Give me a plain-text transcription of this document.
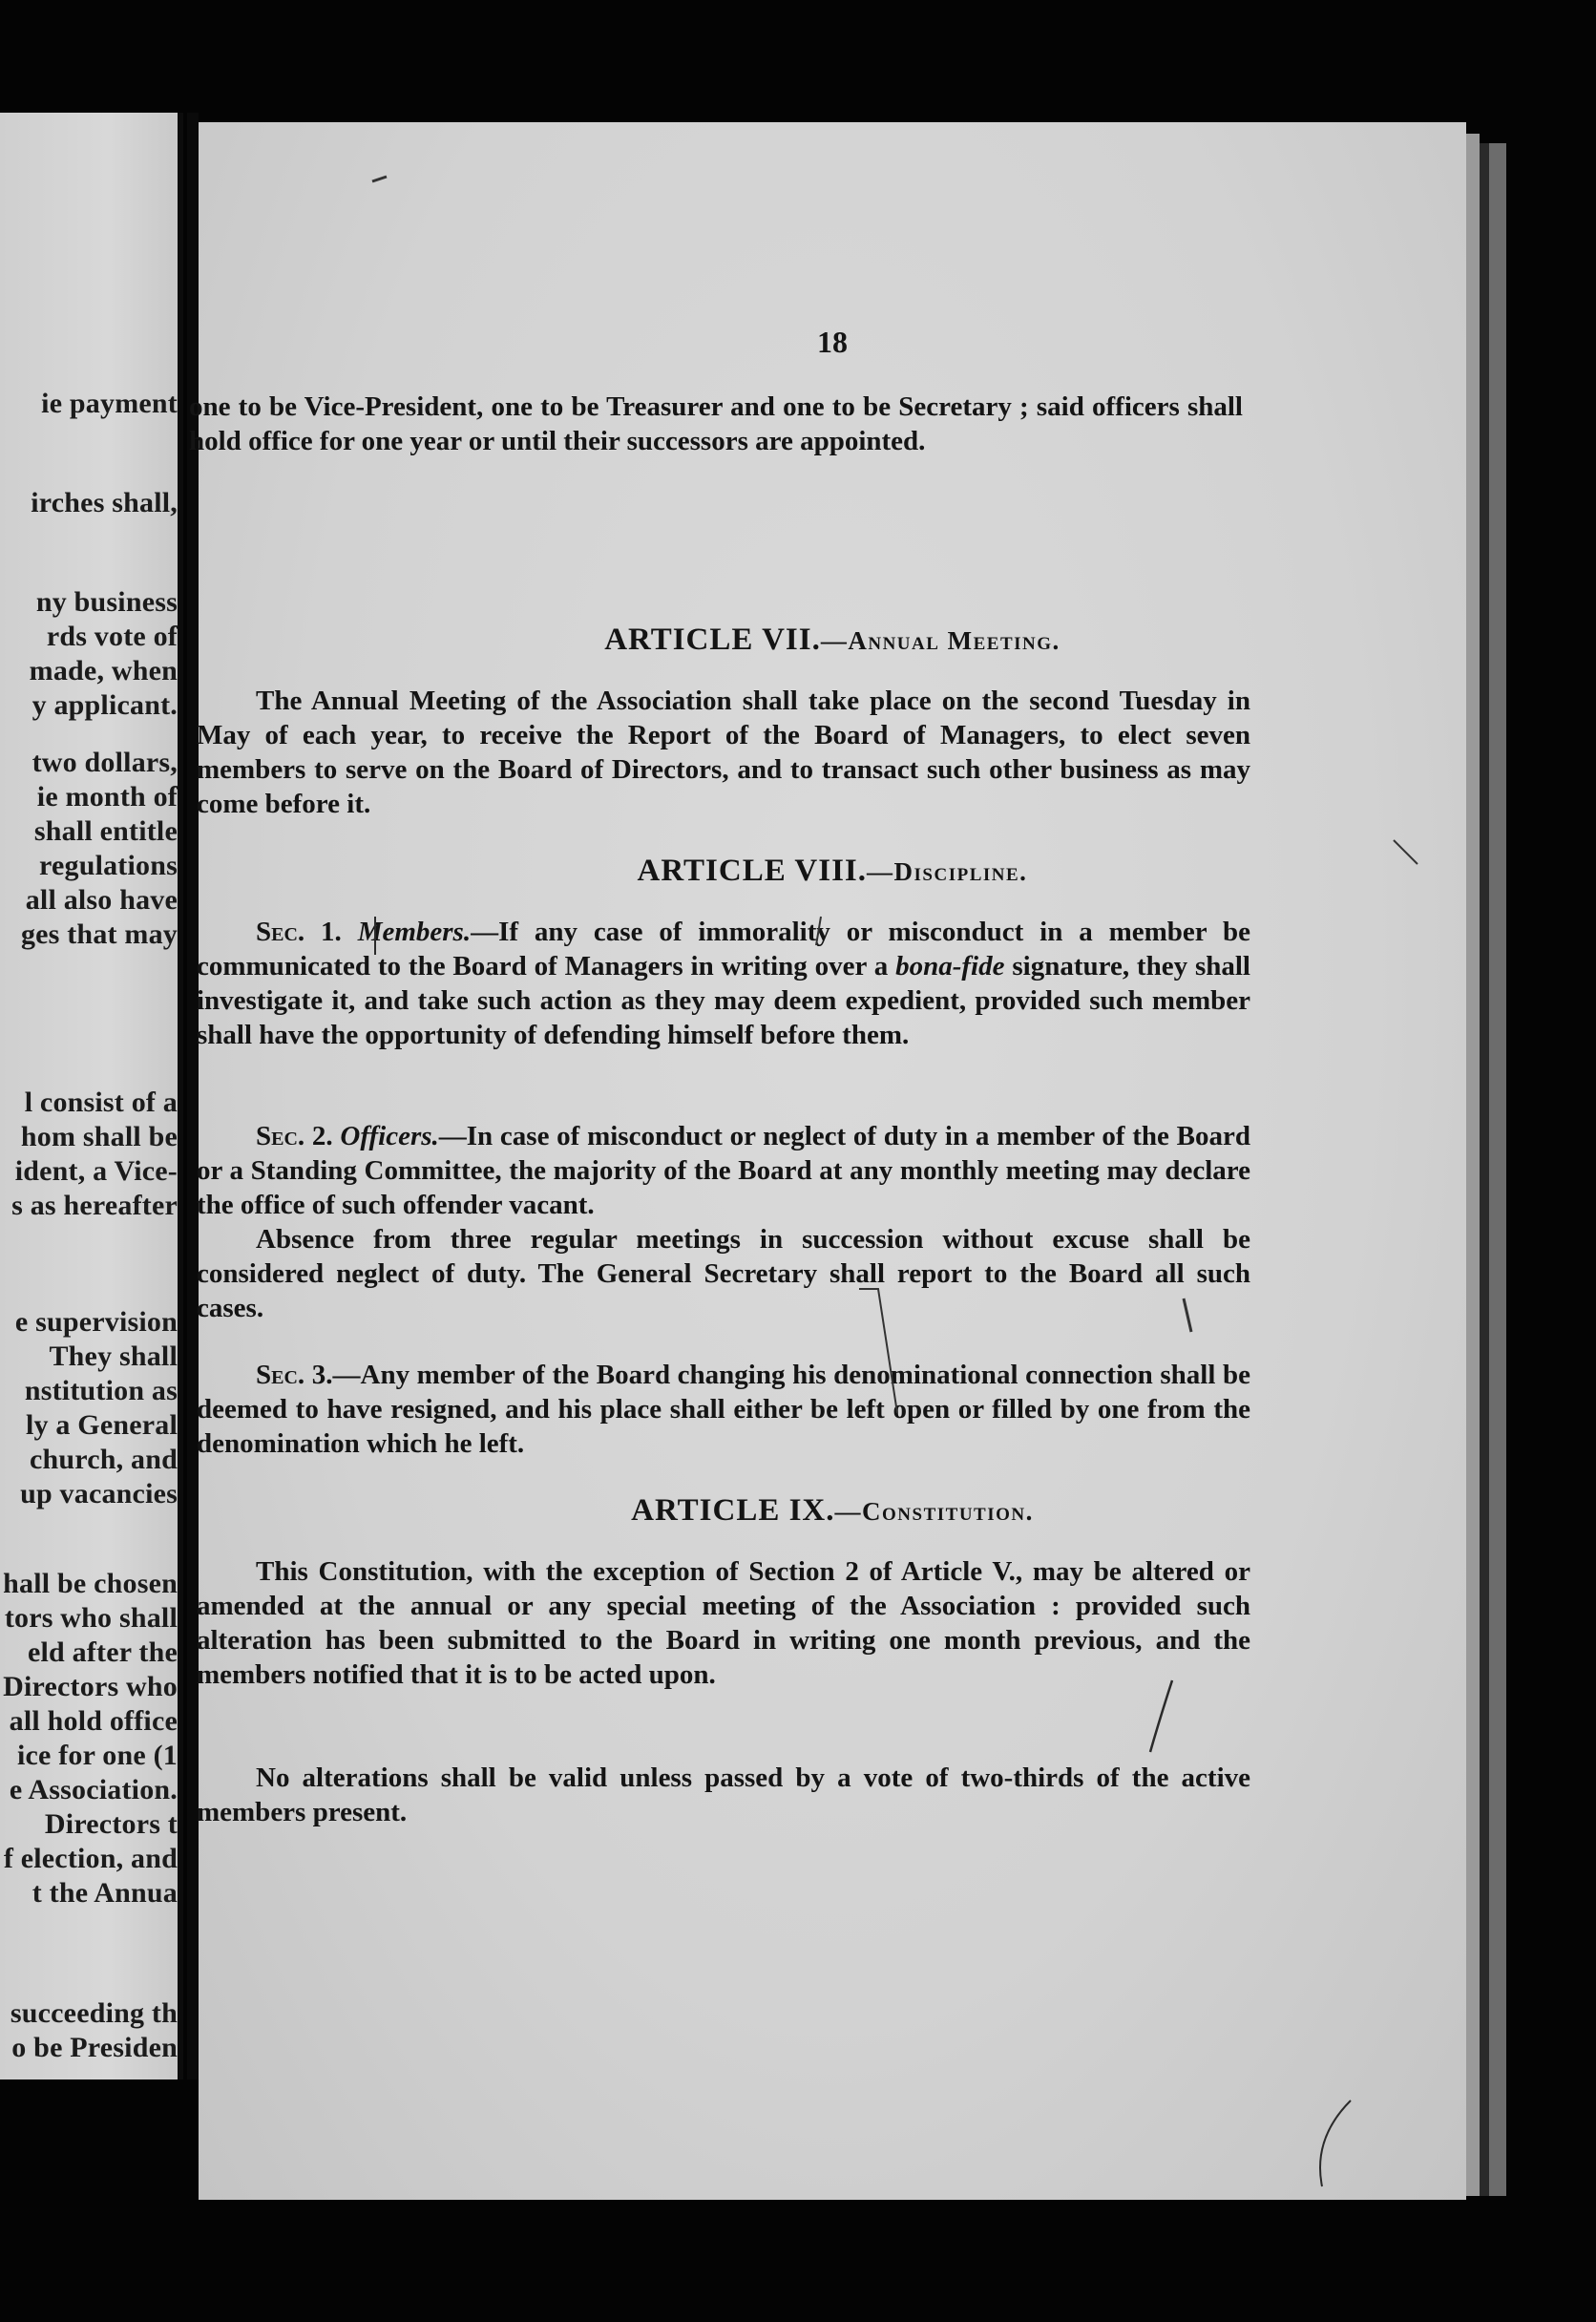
ie payment
irches shall,
ny business
rds vote of
made, when
y applicant.
two dollars,
ie month of
shall entitle
regulations
all also have
ges that may
l consist of a
hom shall be
ident, a Vice-
s as hereafter
e supervision
They shall
nstitution as
ly a General
church, and
up vacancies
hall be chosen
tors who shall
eld after the
Directors who
all hold office
ice for one (1
e Association.
Directors t
f election, and
t the Annua
succeeding th
o be Presiden
18
one to be Vice-President, one to be Treasurer and one to be Secretary ; said officers shall hold office for one year or until their successors are appointed.
ARTICLE VII.—Annual Meeting.
The Annual Meeting of the Association shall take place on the second Tuesday in May of each year, to receive the Report of the Board of Managers, to elect seven members to serve on the Board of Directors, and to transact such other business as may come before it.
ARTICLE VIII.—Discipline.
Sec. 1. Members.—If any case of immorality or misconduct in a member be communicated to the Board of Managers in writing over a bona-fide signature, they shall investigate it, and take such action as they may deem expedient, provided such member shall have the opportunity of defending himself before them.
Sec. 2. Officers.—In case of misconduct or neglect of duty in a member of the Board or a Standing Committee, the majority of the Board at any monthly meeting may declare the office of such offender vacant.
Absence from three regular meetings in succession without excuse shall be considered neglect of duty. The General Secretary shall report to the Board all such cases.
Sec. 3.—Any member of the Board changing his denominational connection shall be deemed to have resigned, and his place shall either be left open or filled by one from the denomination which he left.
ARTICLE IX.—Constitution.
This Constitution, with the exception of Section 2 of Article V., may be altered or amended at the annual or any special meeting of the Association : provided such alteration has been submitted to the Board in writing one month previous, and the members notified that it is to be acted upon.
No alterations shall be valid unless passed by a vote of two-thirds of the active members present.
